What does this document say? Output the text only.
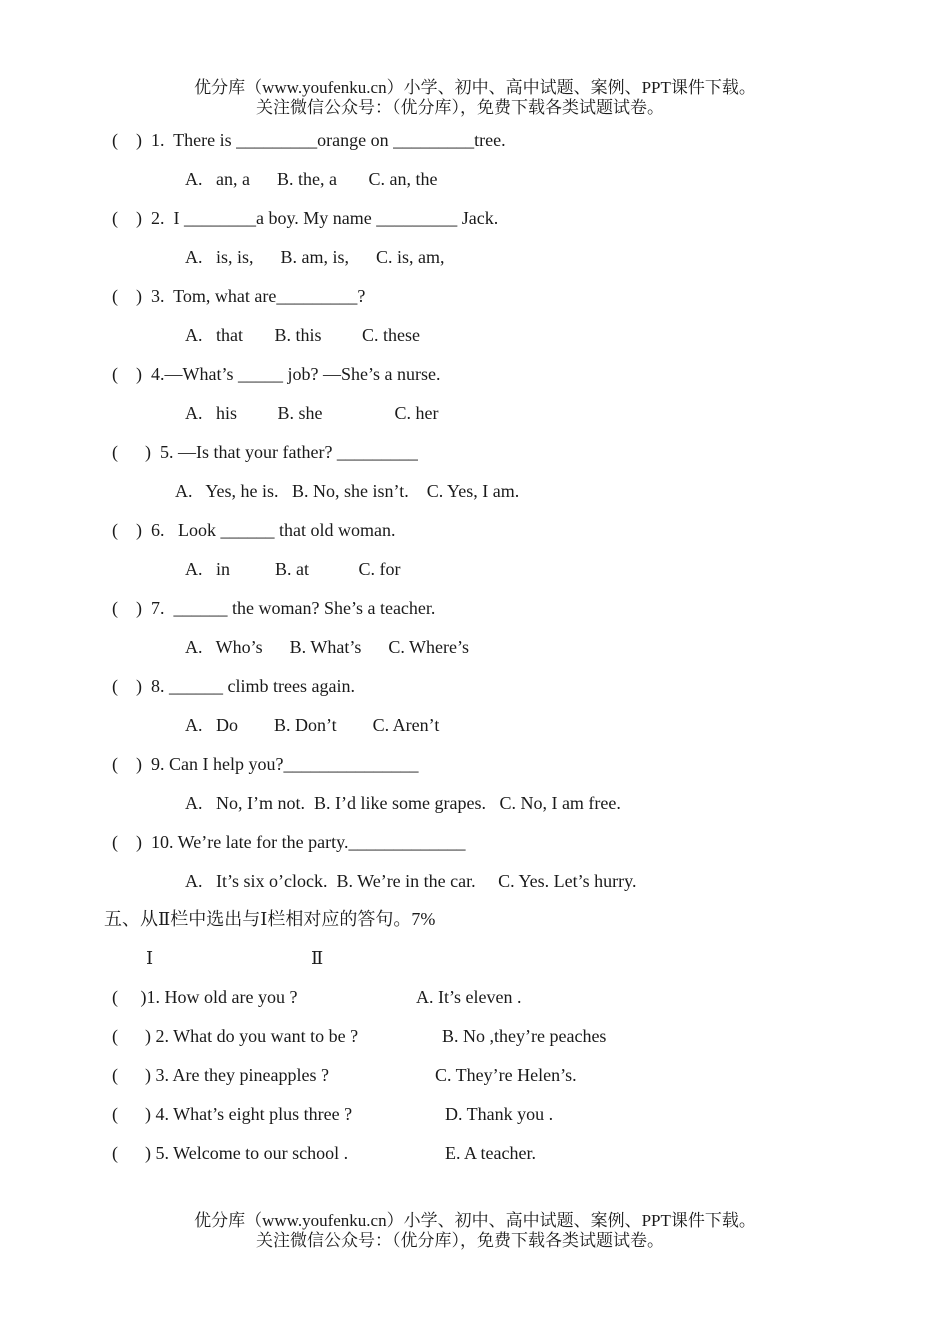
优分库（www.youfenku.cn）小学、初中、高中试题、案例、PPT课件下载。
关注微信公众号：（优分库），免费下载各类试题试卷。
(    )  1.  There is _________orange on _________tree.
A.   an, a      B. the, a       C. an, the
(    )  2.  I ________a boy. My name _________ Jack.
A.   is, is,      B. am, is,      C. is, am,
(    )  3.  Tom, what are_________?
A.   that       B. this         C. these
(    )  4.—What’s _____ job? —She’s a nurse.
A.   his         B. she                C. her
(      )  5. —Is that your father? _________
A.   Yes, he is.   B. No, she isn’t.    C. Yes, I am.
(    )  6.   Look ______ that old woman.
A.   in          B. at           C. for
(    )  7.  ______ the woman? She’s a teacher.
A.   Who’s      B. What’s      C. Where’s
(    )  8. ______ climb trees again.
A.   Do        B. Don’t        C. Aren’t
(    )  9. Can I help you?_______________
A.   No, I’m not.  B. I’d like some grapes.   C. No, I am free.
(    )  10. We’re late for the party._____________
A.   It’s six o’clock.  B. We’re in the car.     C. Yes. Let’s hurry.
五、从Ⅱ栏中选出与Ⅰ栏相对应的答句。7%
Ⅰ	Ⅱ
(     )1. How old are you ?	A. It’s eleven .
(      ) 2. What do you want to be ?	B. No ,they’re peaches
(      ) 3. Are they pineapples ?	C. They’re Helen’s.
(      ) 4. What’s eight plus three ?	D. Thank you .
(      ) 5. Welcome to our school .	E. A teacher.
优分库（www.youfenku.cn）小学、初中、高中试题、案例、PPT课件下载。
关注微信公众号：（优分库），免费下载各类试题试卷。
